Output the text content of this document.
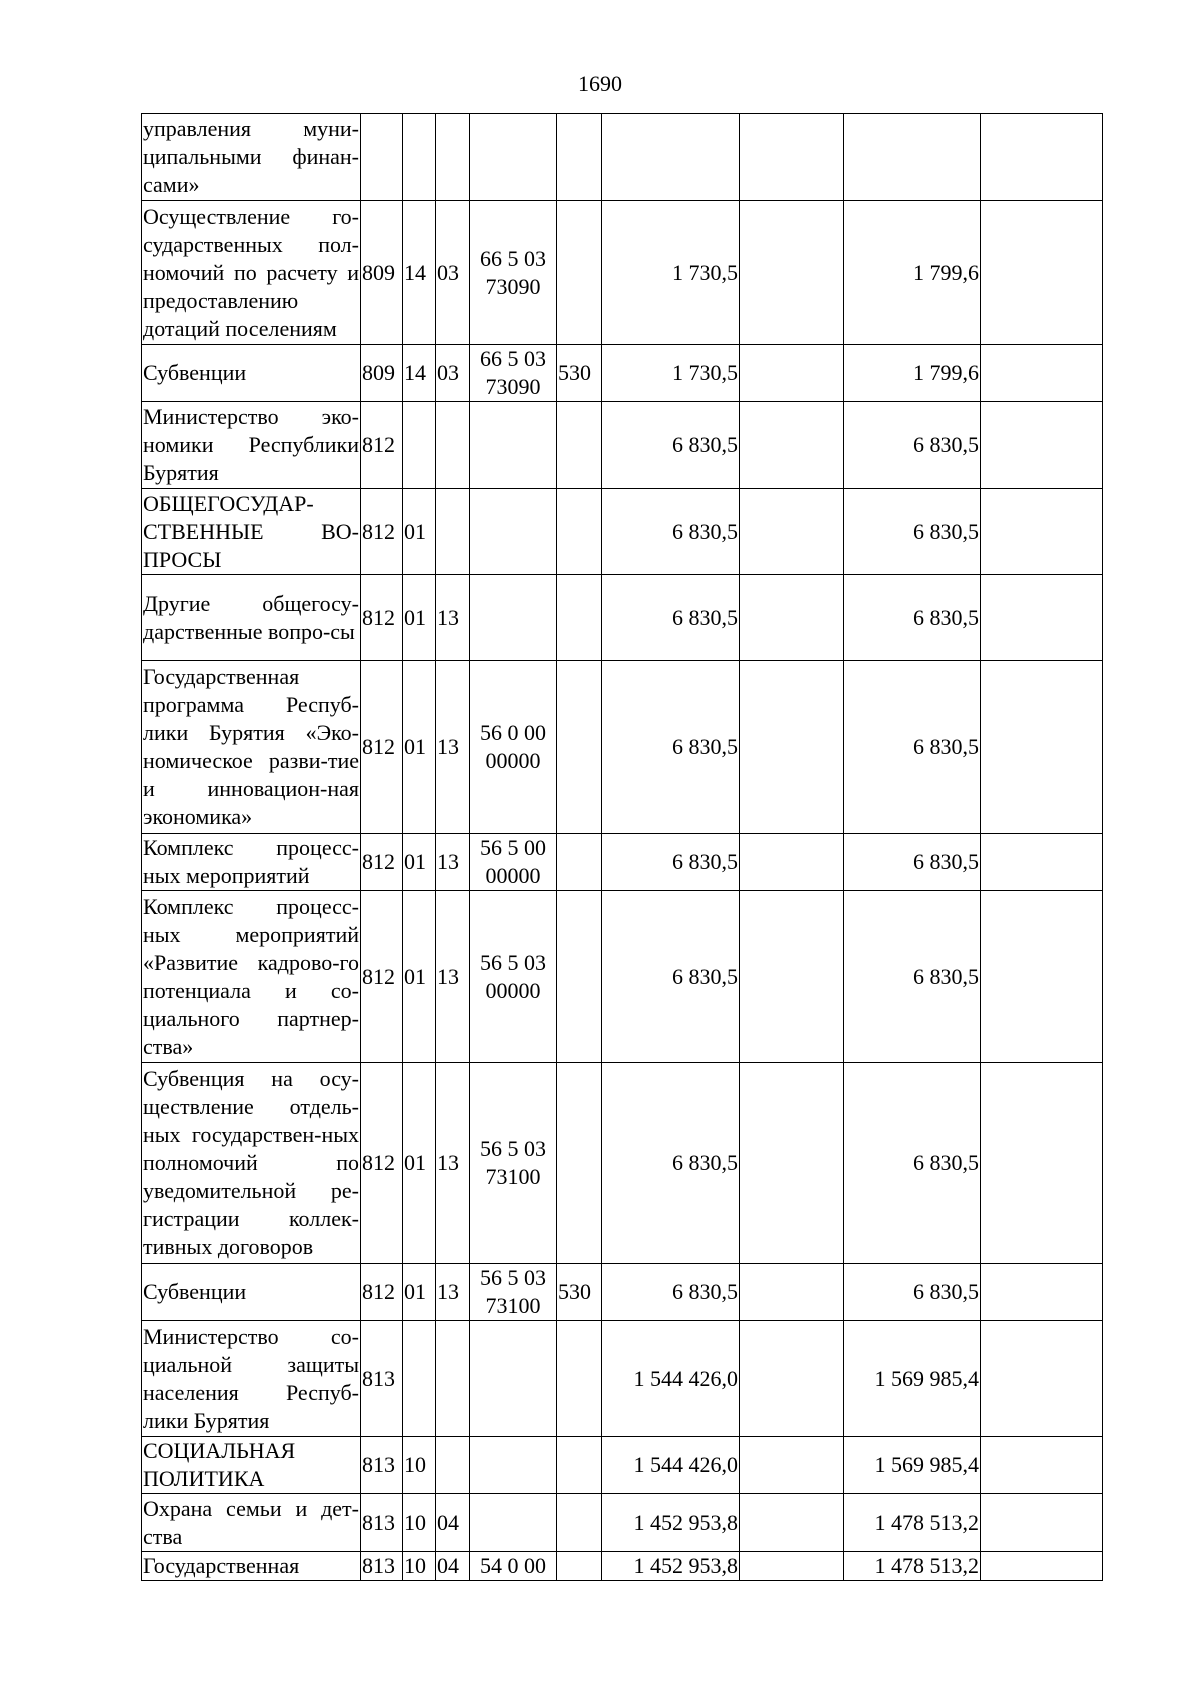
1690
управления муни-ципальными финан-сами»									
Осуществление го-сударственных пол-номочий по расчету и предоставлению дотаций поселениям	809	14	03	66 5 03 73090		1 730,5		1 799,6	
Субвенции	809	14	03	66 5 03 73090	530	1 730,5		1 799,6	
Министерство эко-номики Республики Бурятия	812					6 830,5		6 830,5	
ОБЩЕГОСУДАР-СТВЕННЫЕ ВО-ПРОСЫ	812	01				6 830,5		6 830,5	
Другие общегосу-дарственные вопро-сы	812	01	13			6 830,5		6 830,5	
Государственная программа Респуб-лики Бурятия «Эко-номическое разви-тие и инновацион-ная экономика»	812	01	13	56 0 00 00000		6 830,5		6 830,5	
Комплекс процесс-ных мероприятий	812	01	13	56 5 00 00000		6 830,5		6 830,5	
Комплекс процесс-ных мероприятий «Развитие кадрово-го потенциала и со-циального партнер-ства»	812	01	13	56 5 03 00000		6 830,5		6 830,5	
Субвенция на осу-ществление отдель-ных государствен-ных полномочий по уведомительной ре-гистрации коллек-тивных договоров	812	01	13	56 5 03 73100		6 830,5		6 830,5	
Субвенции	812	01	13	56 5 03 73100	530	6 830,5		6 830,5	
Министерство со-циальной защиты населения Респуб-лики Бурятия	813					1 544 426,0		1 569 985,4	
СОЦИАЛЬНАЯ ПОЛИТИКА	813	10				1 544 426,0		1 569 985,4	
Охрана семьи и дет-ства	813	10	04			1 452 953,8		1 478 513,2	
Государственная	813	10	04	54 0 00		1 452 953,8		1 478 513,2	
